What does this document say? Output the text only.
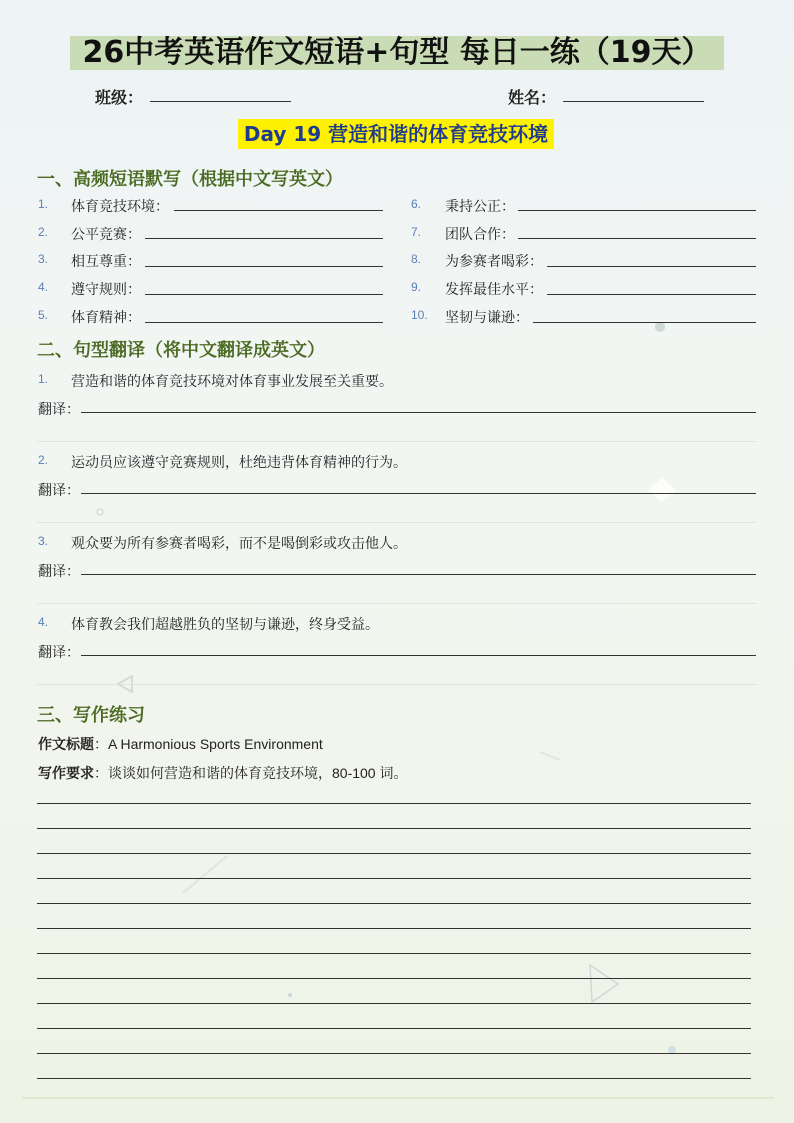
26中考英语作文短语+句型 每日一练（19天）
班级：	姓名：
Day 19 营造和谐的体育竞技环境
一、高频短语默写（根据中文写英文）
1. 体育竞技环境：
2. 公平竞赛：
3. 相互尊重：
4. 遵守规则：
5. 体育精神：
6. 秉持公正：
7. 团队合作：
8. 为参赛者喝彩：
9. 发挥最佳水平：
10. 坚韧与谦逊：
二、句型翻译（将中文翻译成英文）
1. 营造和谐的体育竞技环境对体育事业发展至关重要。
翻译：
2. 运动员应该遵守竞赛规则，杜绝违背体育精神的行为。
翻译：
3. 观众要为所有参赛者喝彩，而不是喝倒彩或攻击他人。
翻译：
4. 体育教会我们超越胜负的坚韧与谦逊，终身受益。
翻译：
三、写作练习
作文标题：A Harmonious Sports Environment
写作要求：谈谈如何营造和谐的体育竞技环境，80-100 词。
